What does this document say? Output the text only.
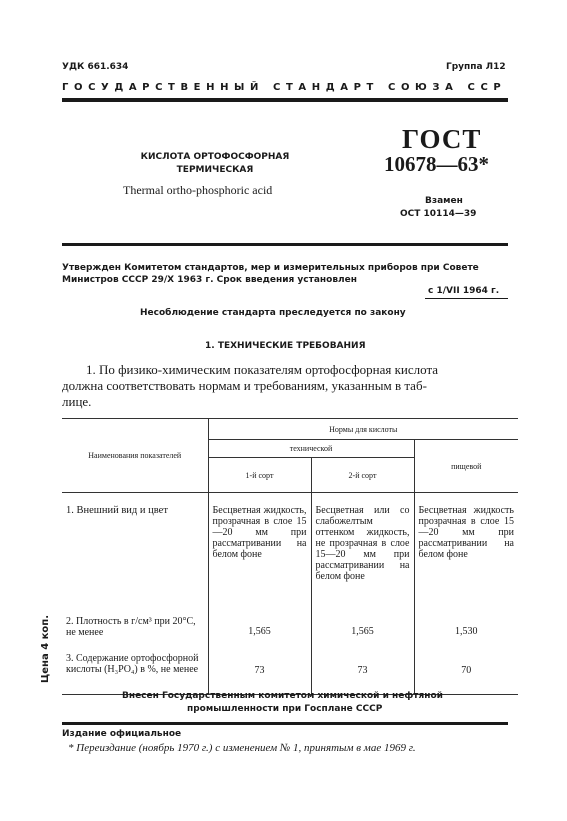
УДК 661.634	Группа Л12
ГОСУДАРСТВЕННЫЙ СТАНДАРТ СОЮЗА ССР
КИСЛОТА ОРТОФОСФОРНАЯ
ТЕРМИЧЕСКАЯ
Thermal ortho-phosphoric acid
ГОСТ
10678—63*
Взамен
ОСТ 10114—39
Утвержден Комитетом стандартов, мер и измерительных приборов при Совете
Министров СССР 29/X 1963 г. Срок введения установлен
с 1/VII 1964 г.
Несоблюдение стандарта преследуется по закону
1. ТЕХНИЧЕСКИЕ ТРЕБОВАНИЯ
1. По физико-химическим показателям ортофосфорная кислота
должна соответствовать нормам и требованиям, указанным в таб-
лице.
Наименования показателей	Нормы для кислоты		
	технической		пищевой
	1-й сорт	2-й сорт	
1. Внешний вид и цвет	Бесцветная жидкость, прозрачная в слое 15—20 мм при рассматривании на белом фоне	Бесцветная или со слабожелтым оттенком жидкость, не прозрачная в слое 15—20 мм при рассматривании на белом фоне	Бесцветная жидкость прозрачная в слое 15—20 мм при рассматривании на белом фоне
2. Плотность в г/см³ при 20°С, не менее	1,565	1,565	1,530
3. Содержание ортофосфорной кислоты (H₃PO₄) в %, не менее	73	73	70
Цена 4 коп.
Внесен Государственным комитетом химической и нефтяной
промышленности при Госплане СССР
Издание официальное
* Переиздание (ноябрь 1970 г.) с изменением № 1, принятым в мае 1969 г.
